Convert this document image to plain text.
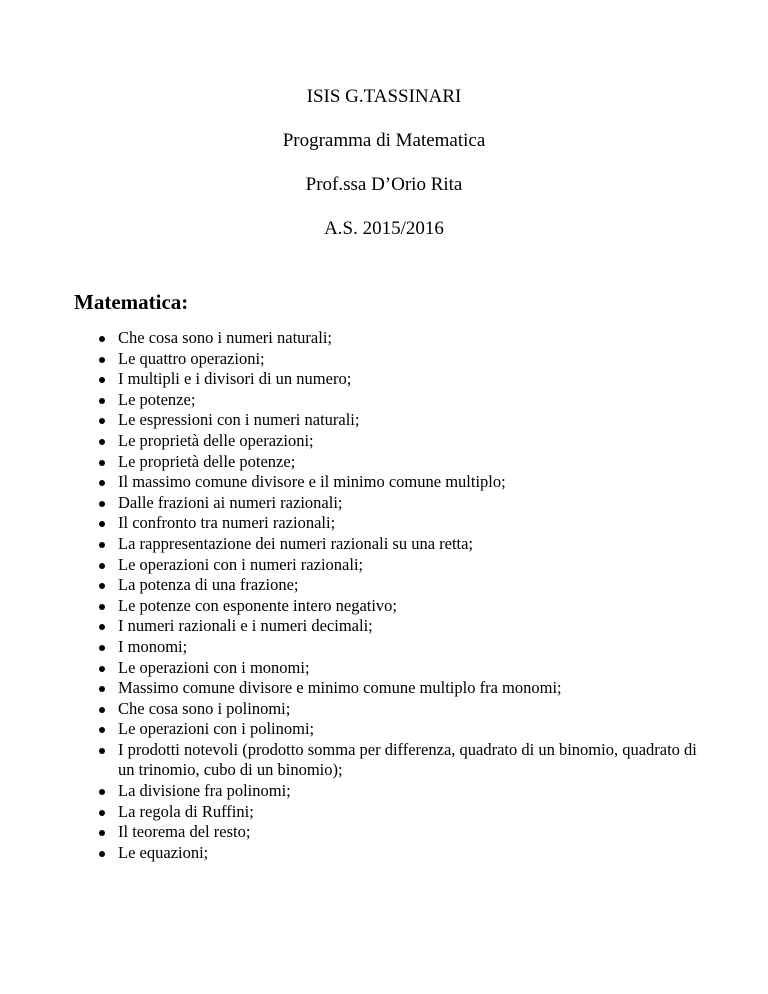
ISIS G.TASSINARI
Programma di Matematica
Prof.ssa D’Orio Rita
A.S. 2015/2016
Matematica:
Che cosa sono i numeri naturali;
Le quattro operazioni;
I multipli e i divisori di un numero;
Le potenze;
Le espressioni con i numeri naturali;
Le proprietà delle operazioni;
Le proprietà delle potenze;
Il massimo comune divisore e il minimo comune multiplo;
Dalle frazioni ai numeri razionali;
Il confronto tra numeri razionali;
La rappresentazione dei numeri razionali su una retta;
Le operazioni con i numeri razionali;
La potenza di una frazione;
Le potenze con esponente intero negativo;
I numeri razionali e i numeri decimali;
I monomi;
Le operazioni con i monomi;
Massimo comune divisore e minimo comune multiplo fra monomi;
Che cosa sono i polinomi;
Le operazioni con i polinomi;
I prodotti notevoli (prodotto somma per differenza, quadrato di un binomio, quadrato di un trinomio, cubo di un binomio);
La divisione fra polinomi;
La regola di Ruffini;
Il teorema del resto;
Le equazioni;
